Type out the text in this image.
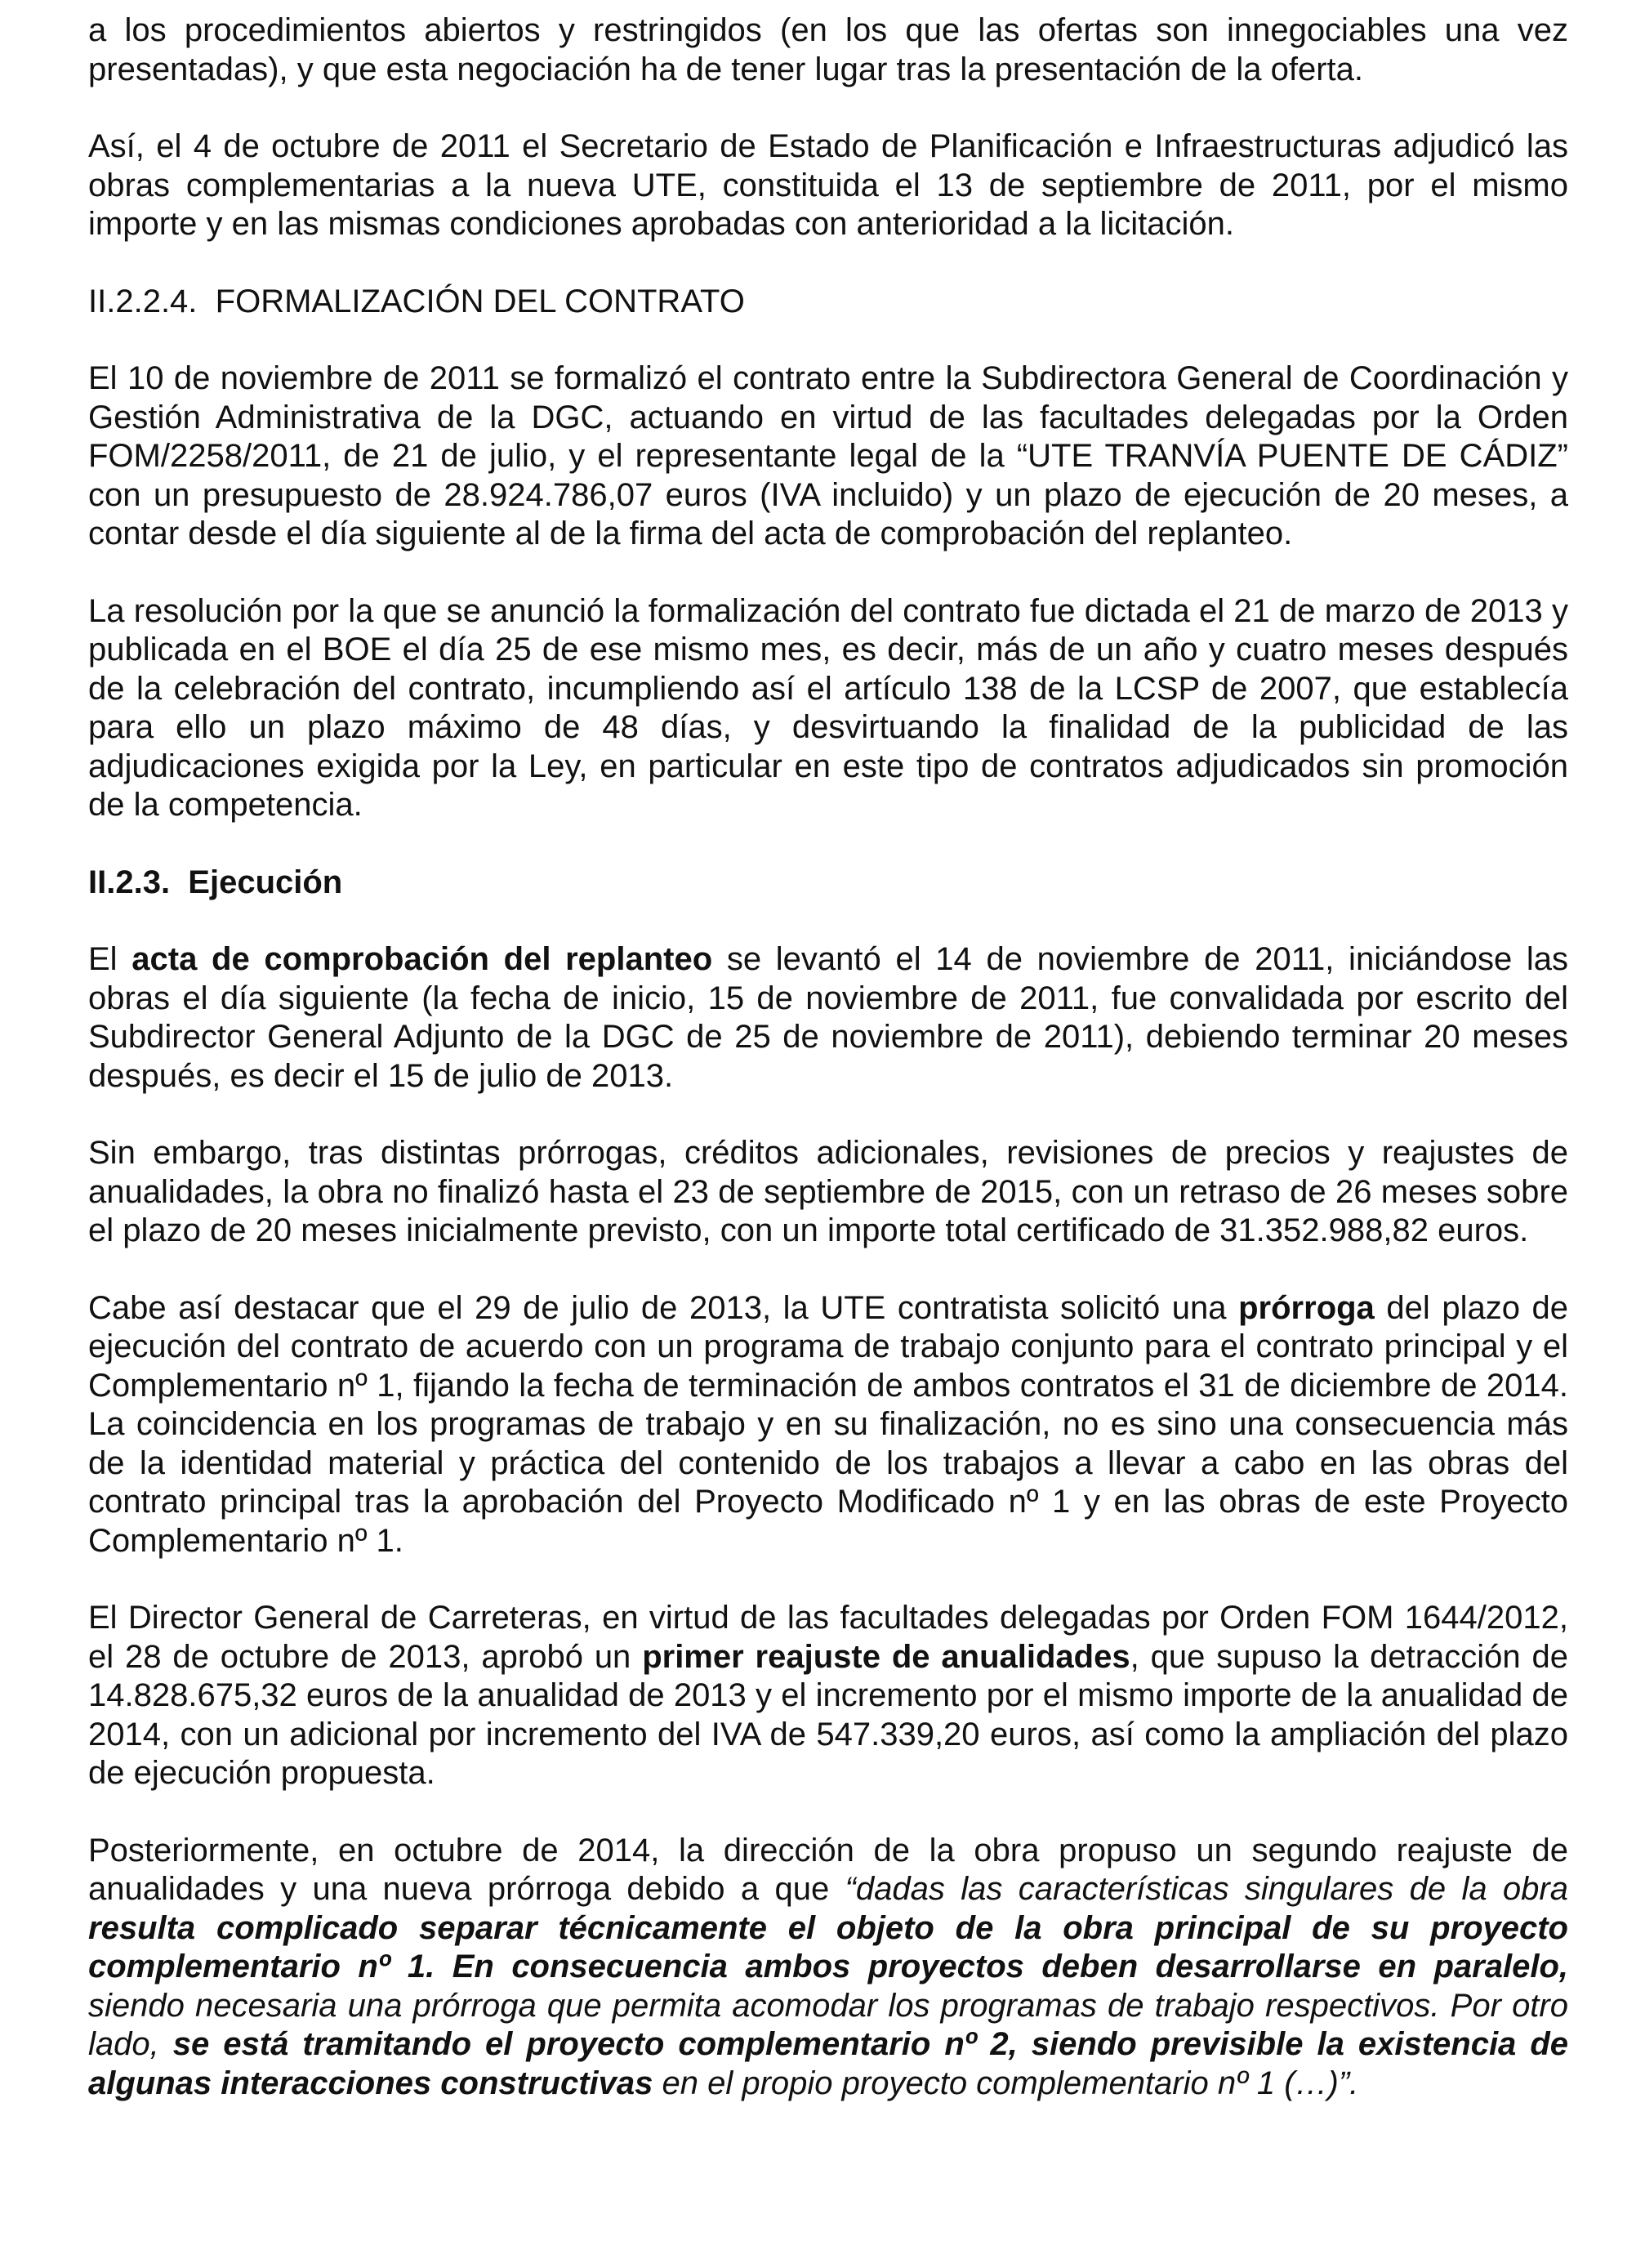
a los procedimientos abiertos y restringidos (en los que las ofertas son innegociables una vez presentadas), y que esta negociación ha de tener lugar tras la presentación de la oferta.

Así, el 4 de octubre de 2011 el Secretario de Estado de Planificación e Infraestructuras adjudicó las obras complementarias a la nueva UTE, constituida el 13 de septiembre de 2011, por el mismo importe y en las mismas condiciones aprobadas con anterioridad a la licitación.

II.2.2.4.  FORMALIZACIÓN DEL CONTRATO

El 10 de noviembre de 2011 se formalizó el contrato entre la Subdirectora General de Coordinación y Gestión Administrativa de la DGC, actuando en virtud de las facultades delegadas por la Orden FOM/2258/2011, de 21 de julio, y el representante legal de la “UTE TRANVÍA PUENTE DE CÁDIZ” con un presupuesto de 28.924.786,07 euros (IVA incluido) y un plazo de ejecución de 20 meses, a contar desde el día siguiente al de la firma del acta de comprobación del replanteo.

La resolución por la que se anunció la formalización del contrato fue dictada el 21 de marzo de 2013 y publicada en el BOE el día 25 de ese mismo mes, es decir, más de un año y cuatro meses después de la celebración del contrato, incumpliendo así el artículo 138 de la LCSP de 2007, que establecía para ello un plazo máximo de 48 días, y desvirtuando la finalidad de la publicidad de las adjudicaciones exigida por la Ley, en particular en este tipo de contratos adjudicados sin promoción de la competencia.

II.2.3.  Ejecución

El acta de comprobación del replanteo se levantó el 14 de noviembre de 2011, iniciándose las obras el día siguiente (la fecha de inicio, 15 de noviembre de 2011, fue convalidada por escrito del Subdirector General Adjunto de la DGC de 25 de noviembre de 2011), debiendo terminar 20 meses después, es decir el 15 de julio de 2013.

Sin embargo, tras distintas prórrogas, créditos adicionales, revisiones de precios y reajustes de anualidades, la obra no finalizó hasta el 23 de septiembre de 2015, con un retraso de 26 meses sobre el plazo de 20 meses inicialmente previsto, con un importe total certificado de 31.352.988,82 euros.

Cabe así destacar que el 29 de julio de 2013, la UTE contratista solicitó una prórroga del plazo de ejecución del contrato de acuerdo con un programa de trabajo conjunto para el contrato principal y el Complementario nº 1, fijando la fecha de terminación de ambos contratos el 31 de diciembre de 2014. La coincidencia en los programas de trabajo y en su finalización, no es sino una consecuencia más de la identidad material y práctica del contenido de los trabajos a llevar a cabo en las obras del contrato principal tras la aprobación del Proyecto Modificado nº 1 y en las obras de este Proyecto Complementario nº 1.

El Director General de Carreteras, en virtud de las facultades delegadas por Orden FOM 1644/2012, el 28 de octubre de 2013, aprobó un primer reajuste de anualidades, que supuso la detracción de 14.828.675,32 euros de la anualidad de 2013 y el incremento por el mismo importe de la anualidad de 2014, con un adicional por incremento del IVA de 547.339,20 euros, así como la ampliación del plazo de ejecución propuesta.

Posteriormente, en octubre de 2014, la dirección de la obra propuso un segundo reajuste de anualidades y una nueva prórroga debido a que “dadas las características singulares de la obra resulta complicado separar técnicamente el objeto de la obra principal de su proyecto complementario nº 1. En consecuencia ambos proyectos deben desarrollarse en paralelo, siendo necesaria una prórroga que permita acomodar los programas de trabajo respectivos. Por otro lado, se está tramitando el proyecto complementario nº 2, siendo previsible la existencia de algunas interacciones constructivas en el propio proyecto complementario nº 1 (…)”.
